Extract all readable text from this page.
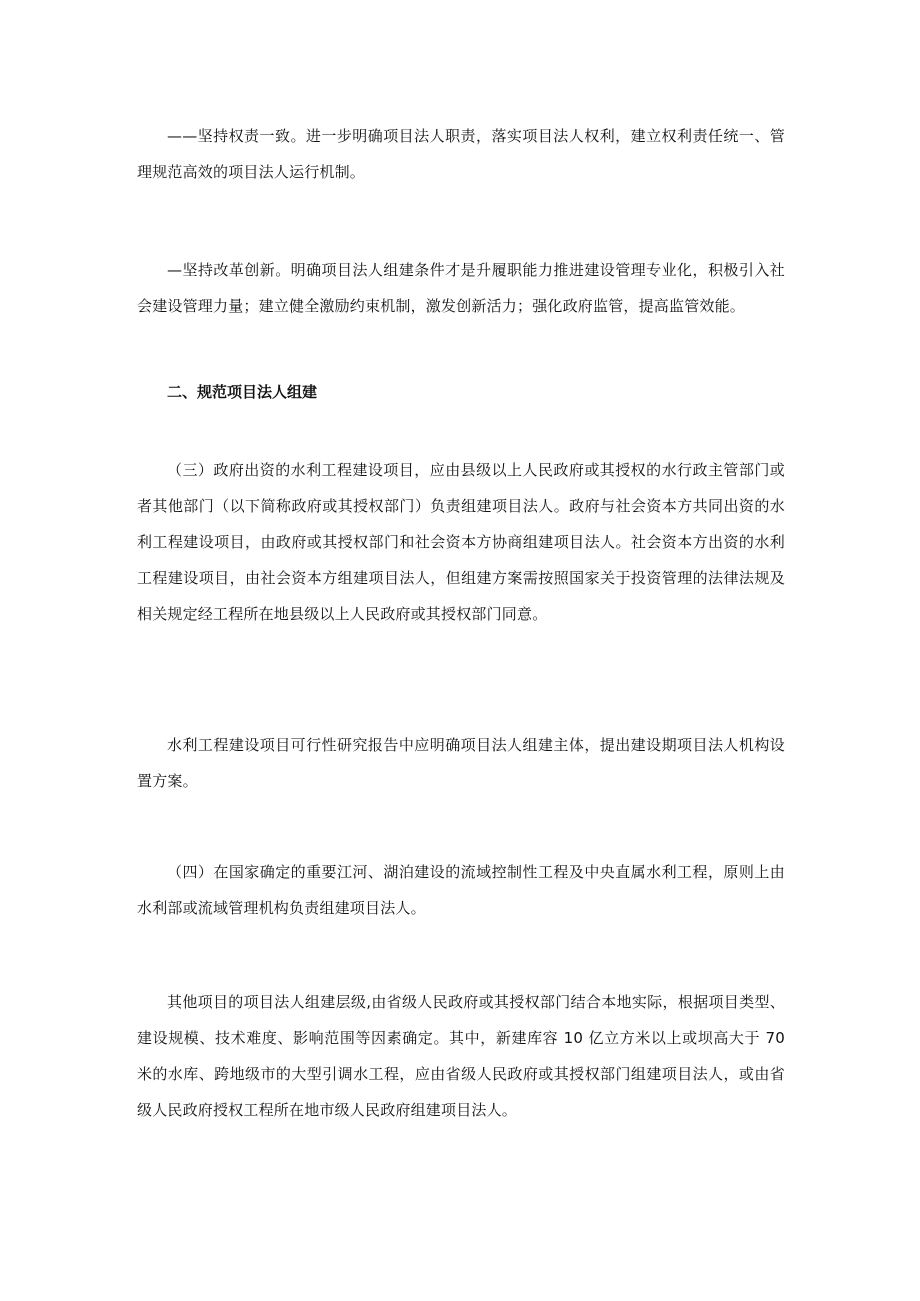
——坚持权责一致。进一步明确项目法人职责，落实项目法人权利，建立权利责任统一、管理规范高效的项目法人运行机制。

—坚持改革创新。明确项目法人组建条件才是升履职能力推进建设管理专业化，积极引入社会建设管理力量；建立健全激励约束机制，激发创新活力；强化政府监管，提高监管效能。

二、规范项目法人组建

（三）政府出资的水利工程建设项目，应由县级以上人民政府或其授权的水行政主管部门或者其他部门（以下简称政府或其授权部门）负责组建项目法人。政府与社会资本方共同出资的水利工程建设项目，由政府或其授权部门和社会资本方协商组建项目法人。社会资本方出资的水利工程建设项目，由社会资本方组建项目法人，但组建方案需按照国家关于投资管理的法律法规及相关规定经工程所在地县级以上人民政府或其授权部门同意。

水利工程建设项目可行性研究报告中应明确项目法人组建主体，提出建设期项目法人机构设置方案。

（四）在国家确定的重要江河、湖泊建设的流域控制性工程及中央直属水利工程，原则上由水利部或流域管理机构负责组建项目法人。

其他项目的项目法人组建层级,由省级人民政府或其授权部门结合本地实际，根据项目类型、建设规模、技术难度、影响范围等因素确定。其中，新建库容 10 亿立方米以上或坝高大于 70 米的水库、跨地级市的大型引调水工程，应由省级人民政府或其授权部门组建项目法人，或由省级人民政府授权工程所在地市级人民政府组建项目法人。
